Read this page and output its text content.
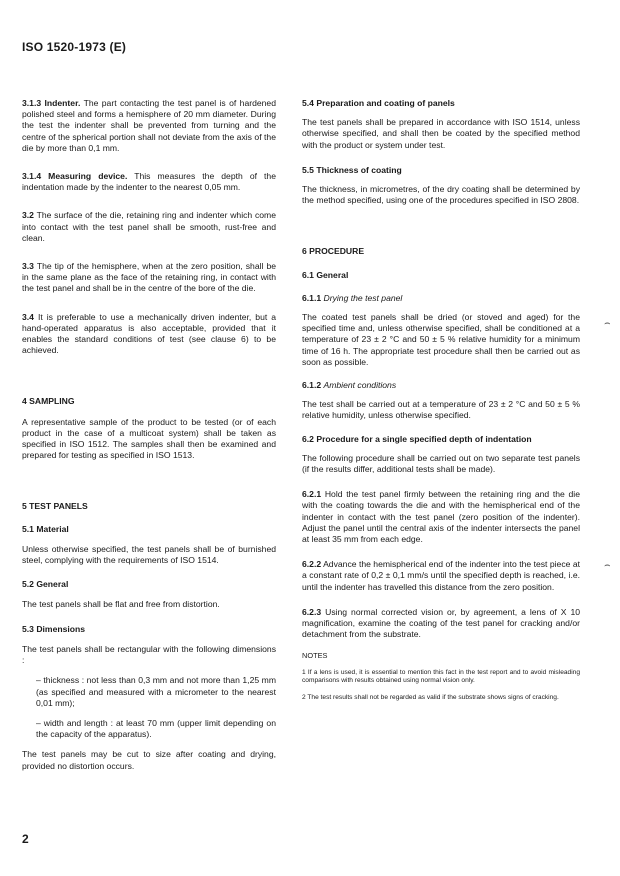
ISO 1520-1973 (E)

3.1.3 Indenter. The part contacting the test panel is of hardened polished steel and forms a hemisphere of 20 mm diameter. During the test the indenter shall be prevented from turning and the centre of the spherical portion shall not deviate from the axis of the die by more than 0,1 mm.

3.1.4 Measuring device. This measures the depth of the indentation made by the indenter to the nearest 0,05 mm.

3.2 The surface of the die, retaining ring and indenter which come into contact with the test panel shall be smooth, rust-free and clean.

3.3 The tip of the hemisphere, when at the zero position, shall be in the same plane as the face of the retaining ring, in contact with the test panel and shall be in the centre of the bore of the die.

3.4 It is preferable to use a mechanically driven indenter, but a hand-operated apparatus is also acceptable, provided that it enables the standard conditions of test (see clause 6) to be achieved.

4 SAMPLING

A representative sample of the product to be tested (or of each product in the case of a multicoat system) shall be taken as specified in ISO 1512. The samples shall then be examined and prepared for testing as specified in ISO 1513.

5 TEST PANELS

5.1 Material

Unless otherwise specified, the test panels shall be of burnished steel, complying with the requirements of ISO 1514.

5.2 General

The test panels shall be flat and free from distortion.

5.3 Dimensions

The test panels shall be rectangular with the following dimensions :

– thickness : not less than 0,3 mm and not more than 1,25 mm (as specified and measured with a micrometer to the nearest 0,01 mm);

– width and length : at least 70 mm (upper limit depending on the capacity of the apparatus).

The test panels may be cut to size after coating and drying, provided no distortion occurs.

5.4 Preparation and coating of panels

The test panels shall be prepared in accordance with ISO 1514, unless otherwise specified, and shall then be coated by the specified method with the product or system under test.

5.5 Thickness of coating

The thickness, in micrometres, of the dry coating shall be determined by the method specified, using one of the procedures specified in ISO 2808.

6 PROCEDURE

6.1 General

6.1.1 Drying the test panel

The coated test panels shall be dried (or stoved and aged) for the specified time and, unless otherwise specified, shall be conditioned at a temperature of 23 ± 2 °C and 50 ± 5 % relative humidity for a minimum time of 16 h. The appropriate test procedure shall then be carried out as soon as possible.

6.1.2 Ambient conditions

The test shall be carried out at a temperature of 23 ± 2 °C and 50 ± 5 % relative humidity, unless otherwise specified.

6.2 Procedure for a single specified depth of indentation

The following procedure shall be carried out on two separate test panels (if the results differ, additional tests shall be made).

6.2.1 Hold the test panel firmly between the retaining ring and the die with the coating towards the die and with the hemispherical end of the indenter in contact with the test panel (zero position of the indenter). Adjust the panel until the central axis of the indenter intersects the panel at least 35 mm from each edge.

6.2.2 Advance the hemispherical end of the indenter into the test piece at a constant rate of 0,2 ± 0,1 mm/s until the specified depth is reached, i.e. until the indenter has travelled this distance from the zero position.

6.2.3 Using normal corrected vision or, by agreement, a lens of X 10 magnification, examine the coating of the test panel for cracking and/or detachment from the substrate.

NOTES

1 If a lens is used, it is essential to mention this fact in the test report and to avoid misleading comparisons with results obtained using normal vision only.

2 The test results shall not be regarded as valid if the substrate shows signs of cracking.

2
⌢
⌢
